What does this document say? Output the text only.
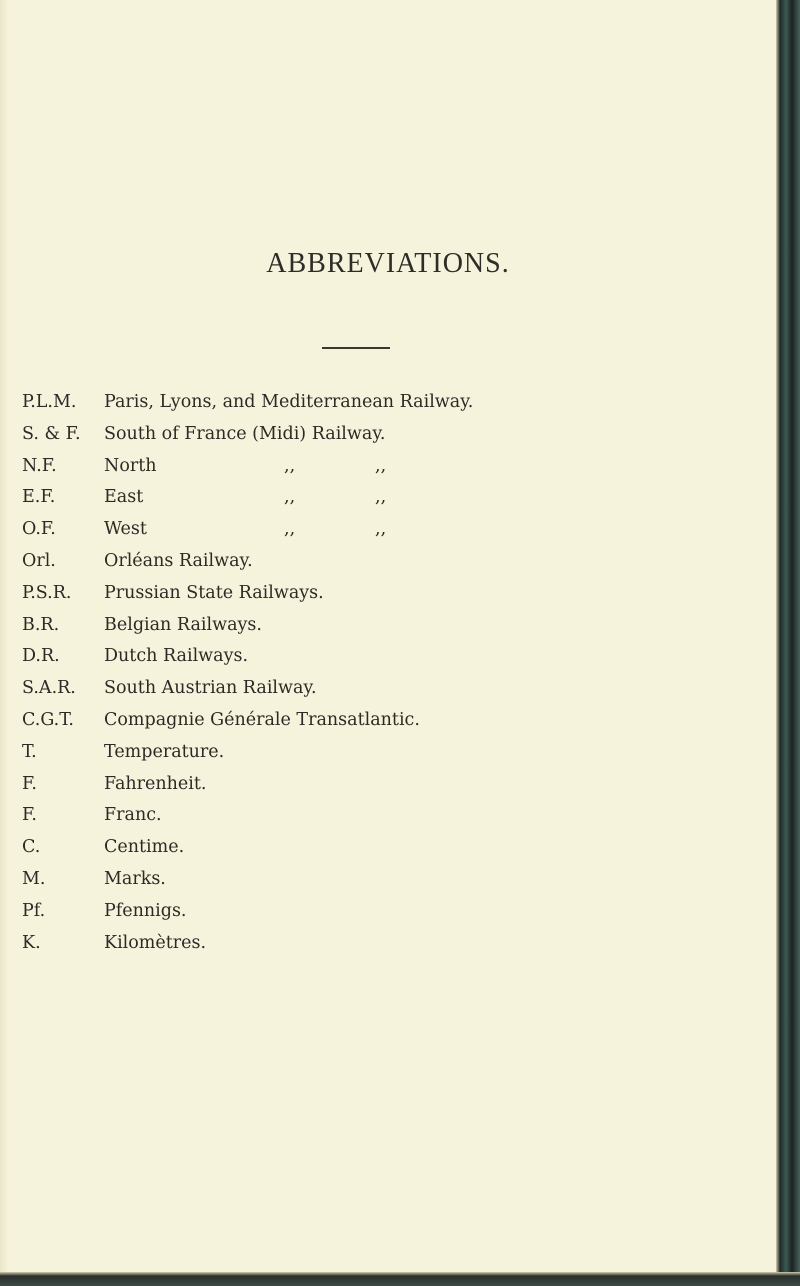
ABBREVIATIONS.
P.L.M. Paris, Lyons, and Mediterranean Railway.
S. & F. South of France (Midi) Railway.
N.F.	North	,,	,,
E.F.	East	,,	,,
O.F.	West	,,	,,
Orl.	Orléans Railway.
P.S.R. Prussian State Railways.
B.R.	Belgian Railways.
D.R.	Dutch Railways.
S.A.R. South Austrian Railway.
C.G.T. Compagnie Générale Transatlantic.
T.	Temperature.
F.	Fahrenheit.
F.	Franc.
C.	Centime.
M.	Marks.
Pf.	Pfennigs.
K.	Kilomètres.
